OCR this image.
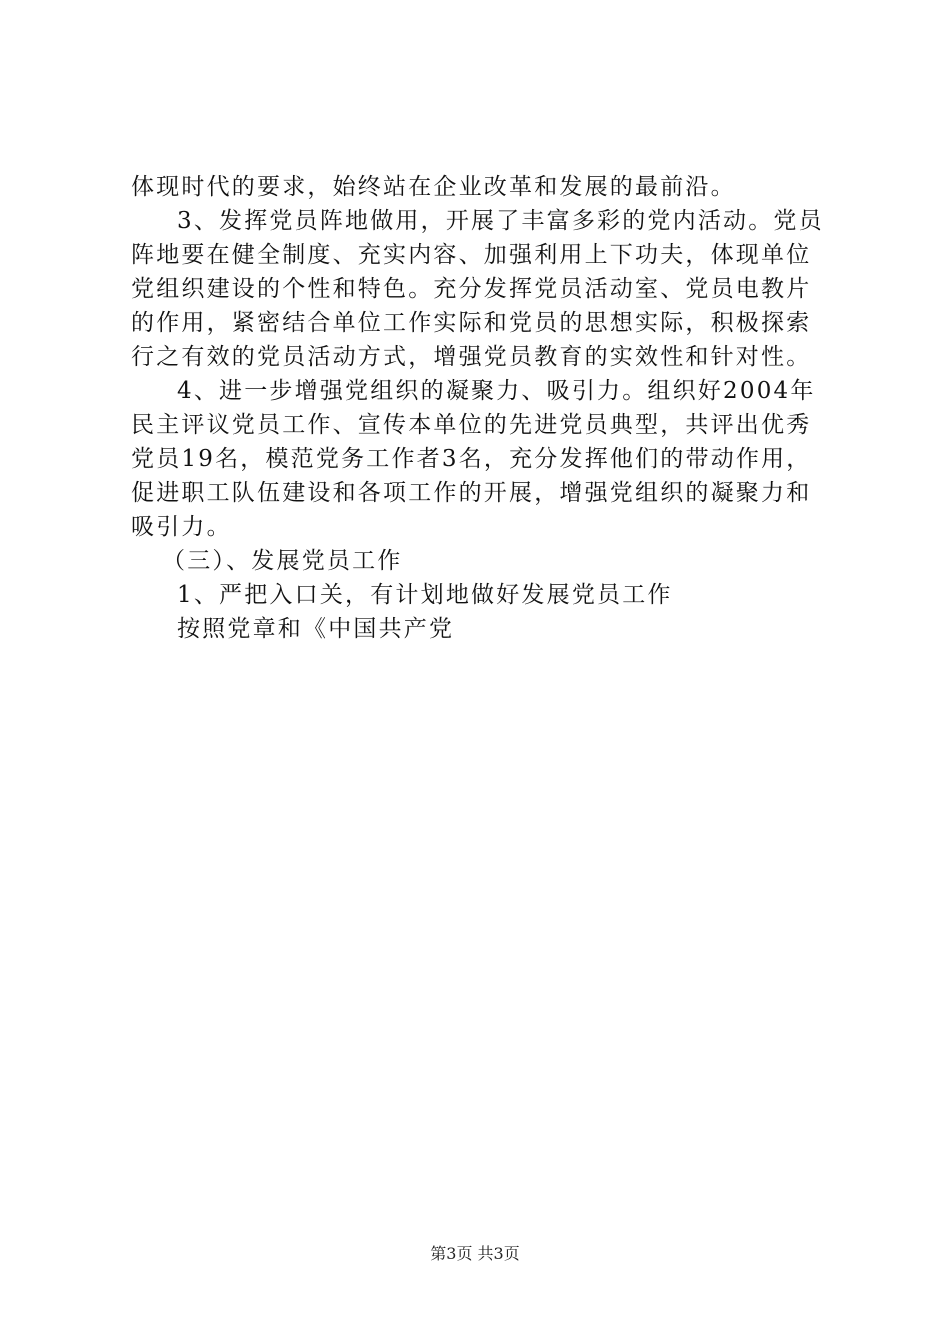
体现时代的要求，始终站在企业改革和发展的最前沿。
3、发挥党员阵地做用，开展了丰富多彩的党内活动。党员
阵地要在健全制度、充实内容、加强利用上下功夫，体现单位
党组织建设的个性和特色。充分发挥党员活动室、党员电教片
的作用，紧密结合单位工作实际和党员的思想实际，积极探索
行之有效的党员活动方式，增强党员教育的实效性和针对性。
4、进一步增强党组织的凝聚力、吸引力。组织好2004年
民主评议党员工作、宣传本单位的先进党员典型，共评出优秀
党员19名，模范党务工作者3名，充分发挥他们的带动作用，
促进职工队伍建设和各项工作的开展，增强党组织的凝聚力和
吸引力。
（三）、发展党员工作
1、严把入口关，有计划地做好发展党员工作
按照党章和《中国共产党
第3页 共3页
